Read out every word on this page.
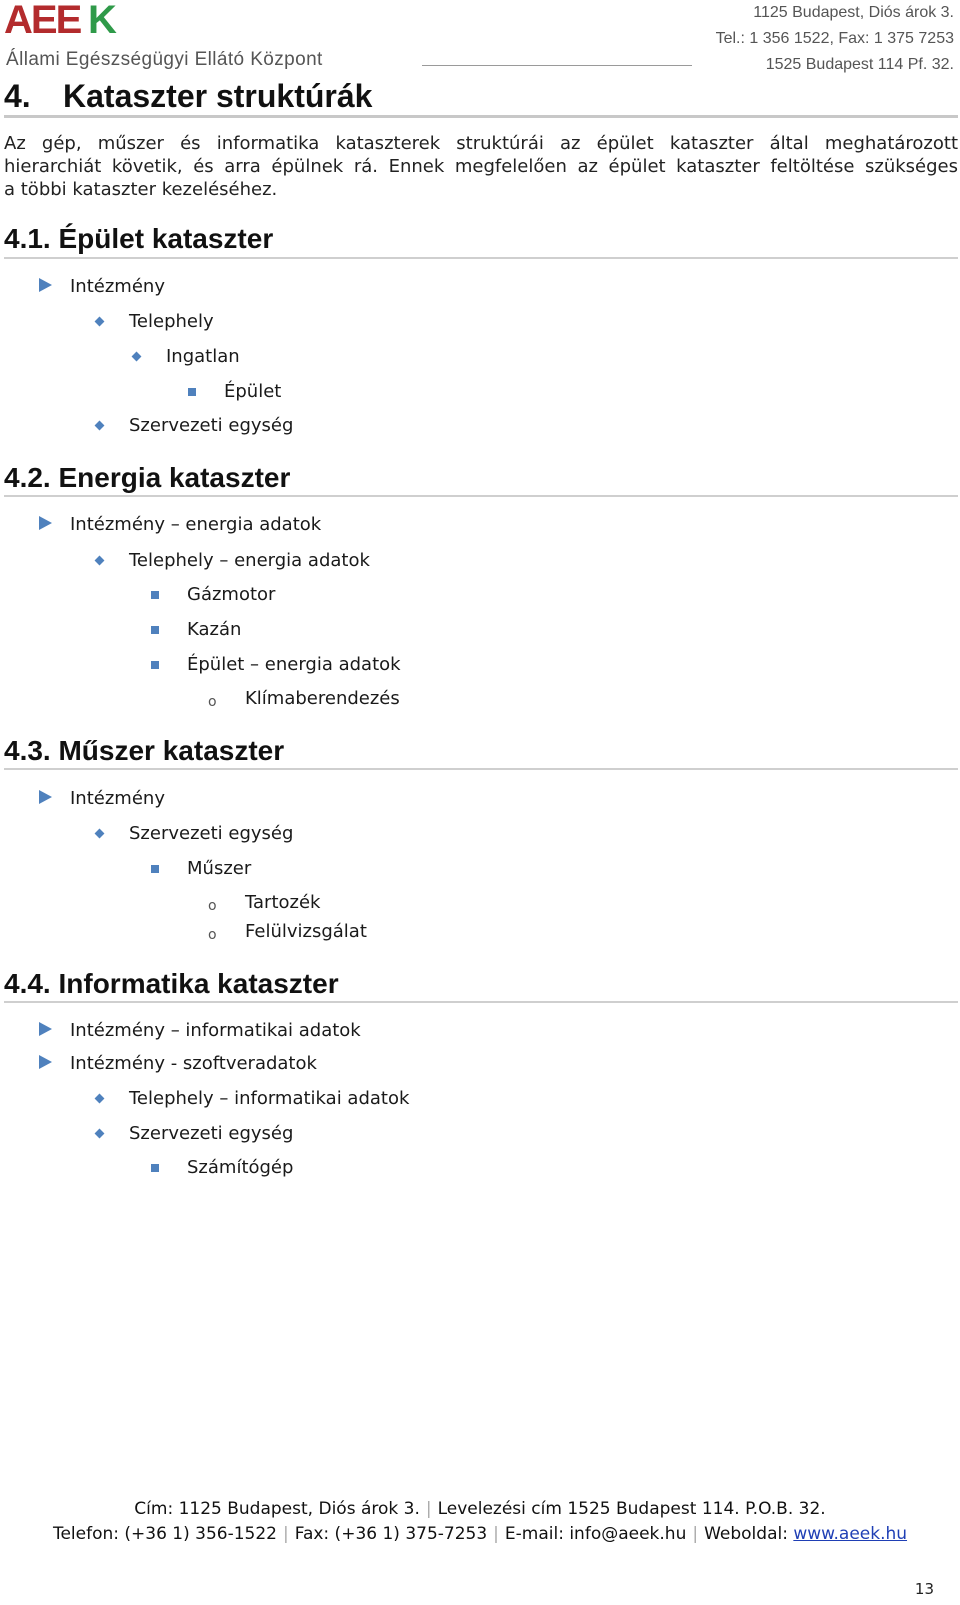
AEE K
Állami Egészségügyi Ellátó Központ
1125 Budapest, Diós árok 3.
Tel.: 1 356 1522, Fax: 1 375 7253
1525 Budapest 114 Pf. 32.
4. Kataszter struktúrák
Az gép, műszer és informatika kataszterek struktúrái az épület kataszter által meghatározott
hierarchiát követik, és arra épülnek rá. Ennek megfelelően az épület kataszter feltöltése szükséges
a többi kataszter kezeléséhez.
4.1. Épület kataszter
Intézmény
Telephely
Ingatlan
Épület
Szervezeti egység
4.2. Energia kataszter
Intézmény – energia adatok
Telephely – energia adatok
Gázmotor
Kazán
Épület – energia adatok
o Klímaberendezés
4.3. Műszer kataszter
Intézmény
Szervezeti egység
Műszer
o Tartozék
o Felülvizsgálat
4.4. Informatika kataszter
Intézmény – informatikai adatok
Intézmény - szoftveradatok
Telephely – informatikai adatok
Szervezeti egység
Számítógép
Cím: 1125 Budapest, Diós árok 3. | Levelezési cím 1525 Budapest 114. P.O.B. 32.
Telefon: (+36 1) 356-1522 | Fax: (+36 1) 375-7253 | E-mail: info@aeek.hu | Weboldal: www.aeek.hu
13
